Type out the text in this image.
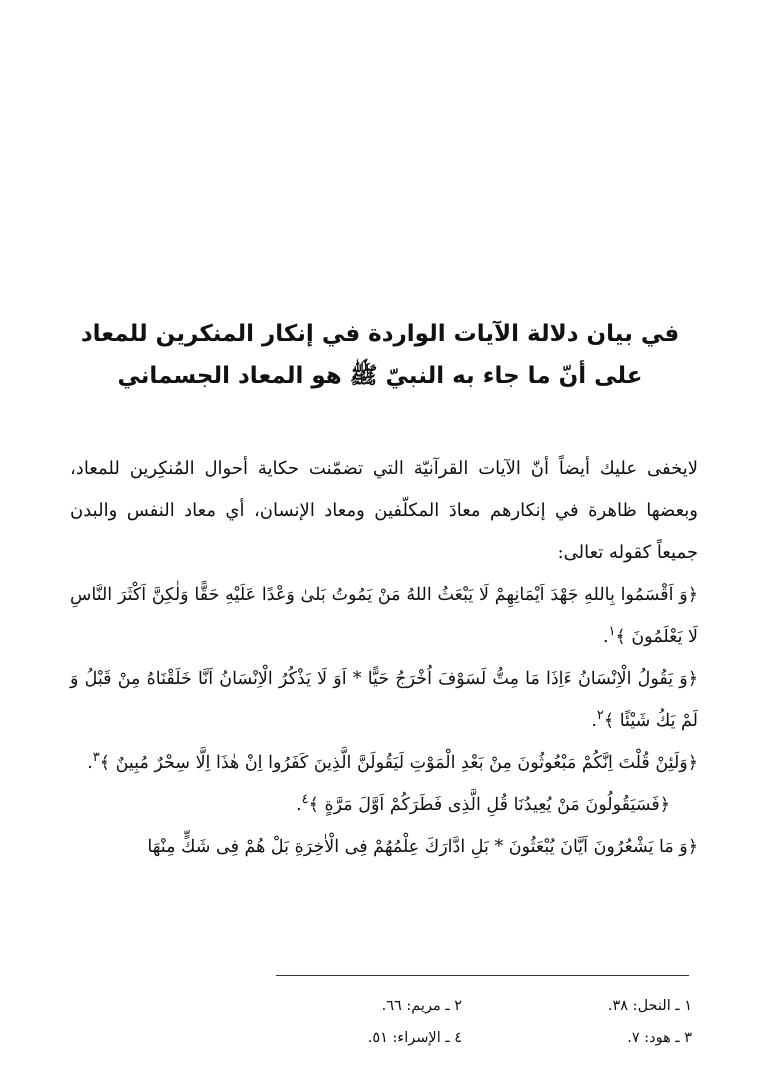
في بيان دلالة الآيات الواردة في إنكار المنكرين للمعاد
على أنّ ما جاء به النبيّ ﷺ هو المعاد الجسماني

لايخفى عليك أيضاً أنّ الآيات القرآنيّة التي تضمّنت حكاية أحوال المُنكِرين للمعاد، وبعضها ظاهرة في إنكارهم معادَ المكلّفين ومعاد الإنسان، أي معاد النفس والبدن جميعاً كقوله تعالى:

﴿وَ اَقْسَمُوا بِاللهِ جَهْدَ اَيْمَانِهِمْ لَا يَبْعَثُ اللهُ مَنْ يَمُوتُ بَلىٰ وَعْدًا عَلَيْهِ حَقًّا وَلٰكِنَّ اَكْثَرَ النَّاسِ لَا يَعْلَمُونَ ﴾$^١$.

﴿وَ يَقُولُ الْاِنْسَانُ ءَاِذَا مَا مِتُّ لَسَوْفَ اُخْرَجُ حَيًّا * اَوَ لَا يَذْكُرُ الْاِنْسَانُ اَنَّا خَلَقْنَاهُ مِنْ قَبْلُ وَ لَمْ يَكُ شَيْئًا ﴾$^٢$.

﴿وَلَئِنْ قُلْتَ اِنَّكُمْ مَبْعُوثُونَ مِنْ بَعْدِ الْمَوْتِ لَيَقُولَنَّ الَّذِينَ كَفَرُوا اِنْ هٰذَا اِلَّا سِحْرٌ مُبِينٌ ﴾$^٣$.

﴿فَسَيَقُولُونَ مَنْ يُعِيدُنَا قُلِ الَّذِى فَطَرَكُمْ اَوَّلَ مَرَّةٍ ﴾$^٤$.

﴿وَ مَا يَشْعُرُونَ اَيَّانَ يُبْعَثُونَ * بَلِ ادَّارَكَ عِلْمُهُمْ فِى الْاٰخِرَةِ بَلْ هُمْ فِى شَكٍّ مِنْهَا

١ ـ النحل: ٣٨.
٢ ـ مريم: ٦٦.
٣ ـ هود: ٧.
٤ ـ الإسراء: ٥١.
